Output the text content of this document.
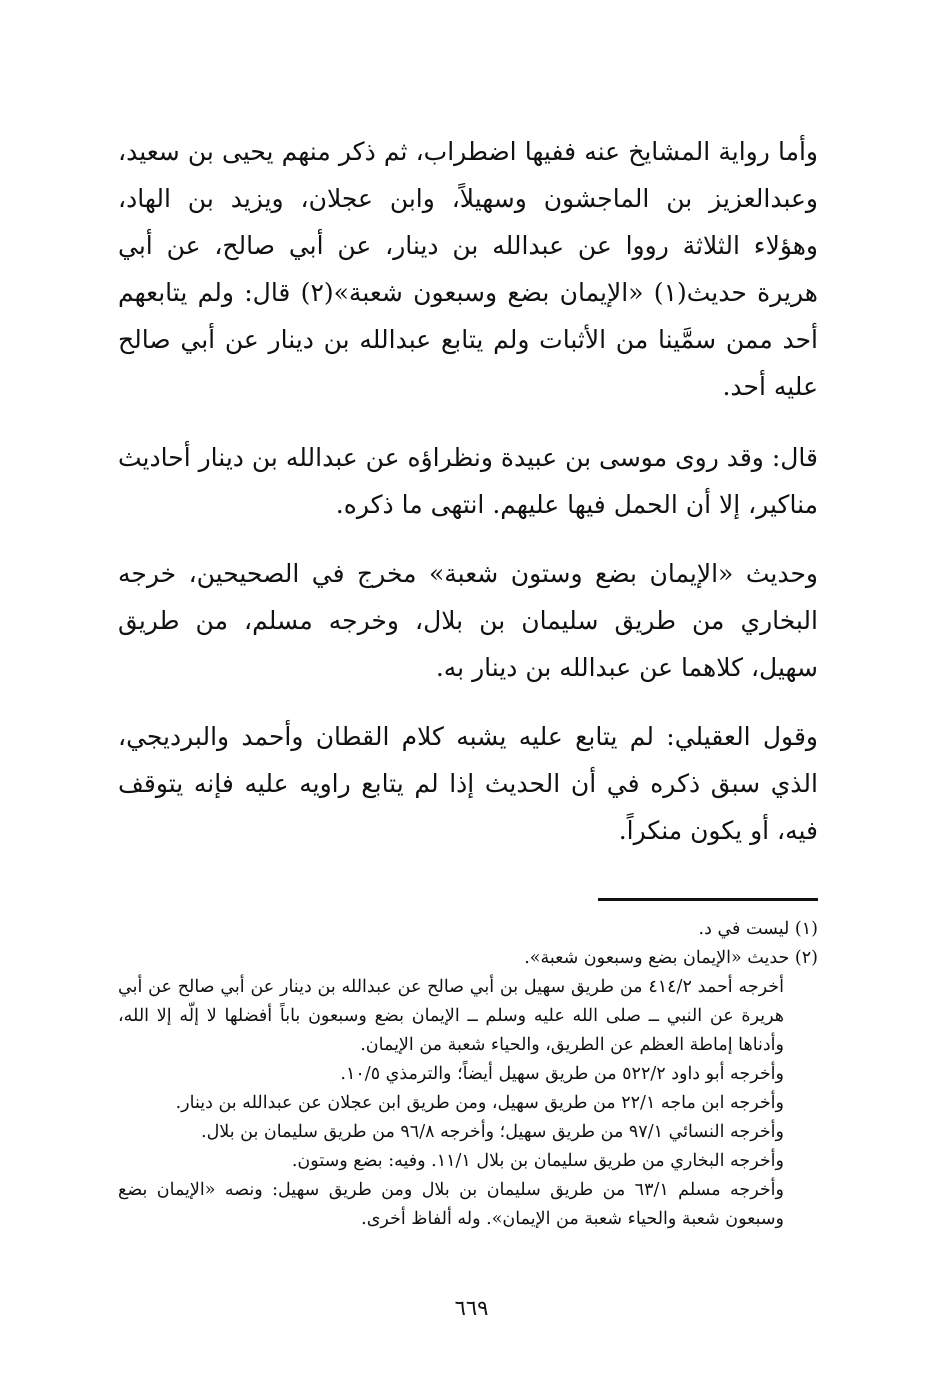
وأما رواية المشايخ عنه ففيها اضطراب، ثم ذكر منهم يحيى بن سعيد، وعبدالعزيز بن الماجشون وسهيلاً، وابن عجلان، ويزيد بن الهاد، وهؤلاء الثلاثة رووا عن عبدالله بن دينار، عن أبي صالح، عن أبي هريرة حديث(١) «الإيمان بضع وسبعون شعبة»(٢) قال: ولم يتابعهم أحد ممن سمَّينا من الأثبات ولم يتابع عبدالله بن دينار عن أبي صالح عليه أحد.

قال: وقد روى موسى بن عبيدة ونظراؤه عن عبدالله بن دينار أحاديث مناكير، إلا أن الحمل فيها عليهم. انتهى ما ذكره.

وحديث «الإيمان بضع وستون شعبة» مخرج في الصحيحين، خرجه البخاري من طريق سليمان بن بلال، وخرجه مسلم، من طريق سهيل، كلاهما عن عبدالله بن دينار به.

وقول العقيلي: لم يتابع عليه يشبه كلام القطان وأحمد والبرديجي، الذي سبق ذكره في أن الحديث إذا لم يتابع راويه عليه فإنه يتوقف فيه، أو يكون منكراً.

(١) ليست في د.

(٢) حديث «الإيمان بضع وسبعون شعبة».

أخرجه أحمد ٤١٤/٢ من طريق سهيل بن أبي صالح عن عبدالله بن دينار عن أبي صالح عن أبي هريرة عن النبي ــ صلى الله عليه وسلم ــ الإيمان بضع وسبعون باباً أفضلها لا إلّه إلا الله، وأدناها إماطة العظم عن الطريق، والحياء شعبة من الإيمان.

وأخرجه أبو داود ٥٢٢/٢ من طريق سهيل أيضاً؛ والترمذي ١٠/٥.

وأخرجه ابن ماجه ٢٢/١ من طريق سهيل، ومن طريق ابن عجلان عن عبدالله بن دينار.

وأخرجه النسائي ٩٧/١ من طريق سهيل؛ وأخرجه ٩٦/٨ من طريق سليمان بن بلال.

وأخرجه البخاري من طريق سليمان بن بلال ١١/١. وفيه: بضع وستون.

وأخرجه مسلم ٦٣/١ من طريق سليمان بن بلال ومن طريق سهيل: ونصه «الإيمان بضع وسبعون شعبة والحياء شعبة من الإيمان». وله ألفاظ أخرى.

٦٦٩
